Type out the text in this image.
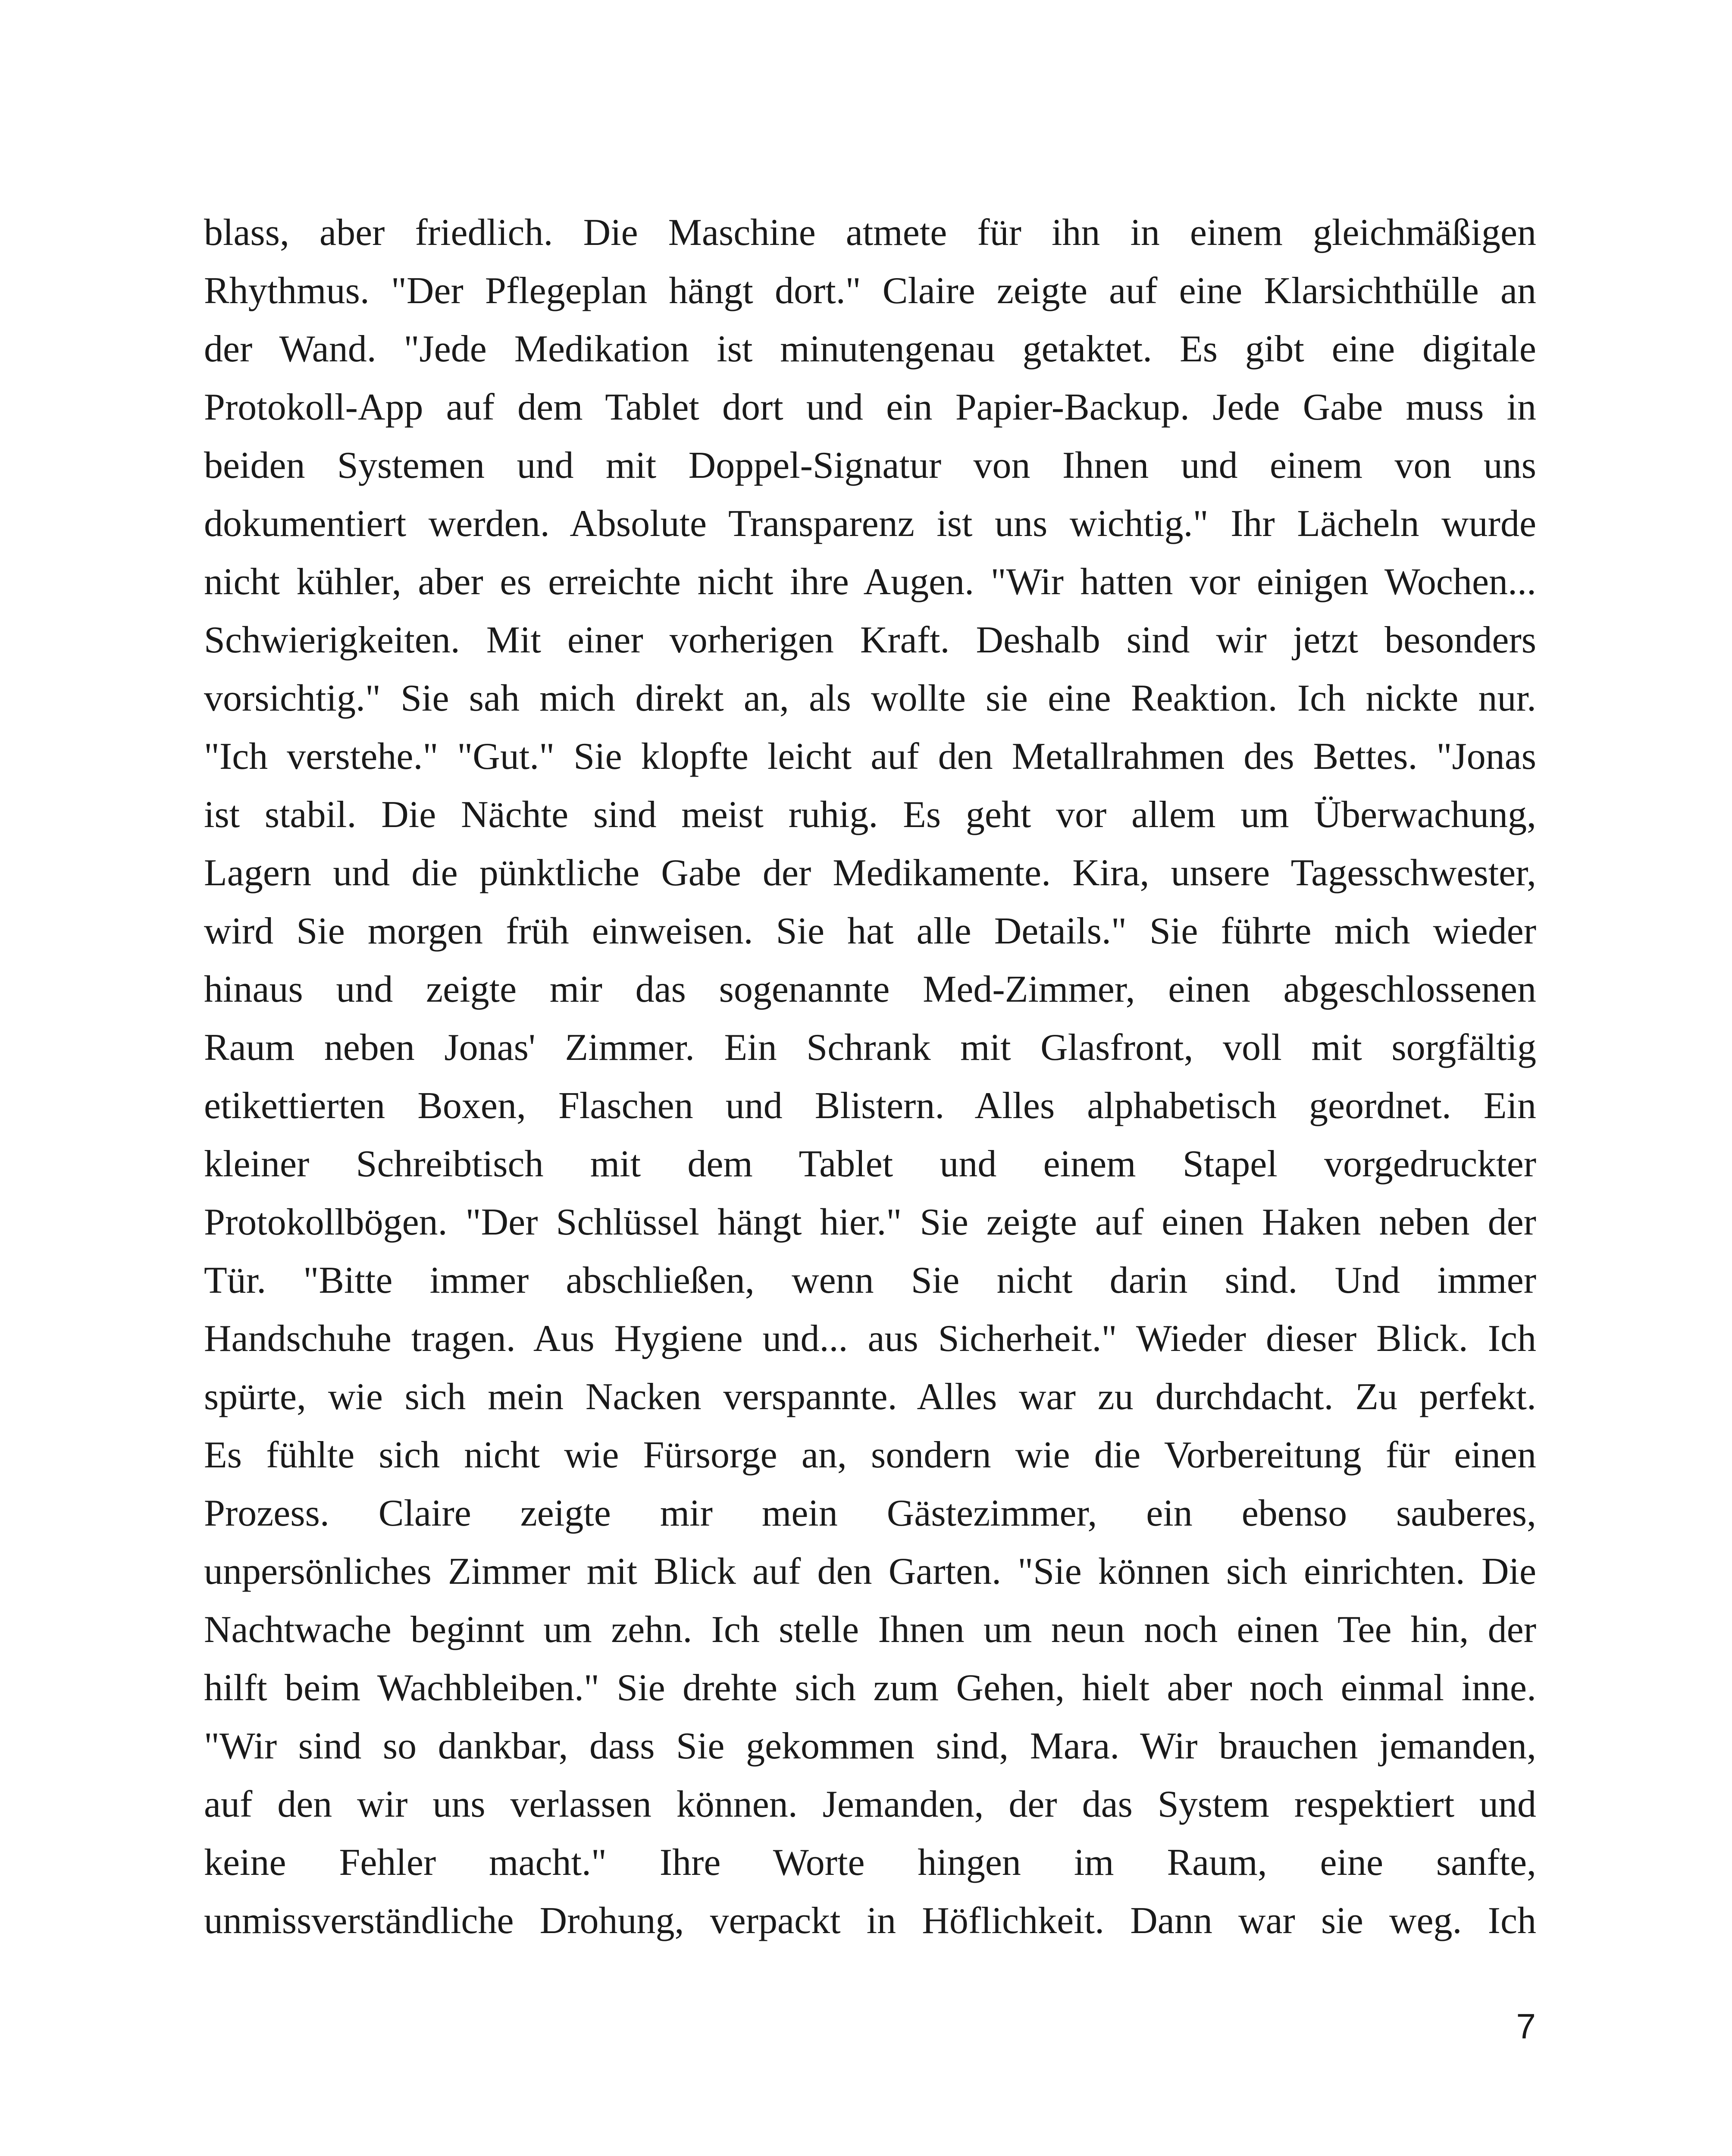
blass, aber friedlich. Die Maschine atmete für ihn in einem gleichmäßigen
Rhythmus. "Der Pflegeplan hängt dort." Claire zeigte auf eine Klarsichthülle an
der Wand. "Jede Medikation ist minutengenau getaktet. Es gibt eine digitale
Protokoll-App auf dem Tablet dort und ein Papier-Backup. Jede Gabe muss in
beiden Systemen und mit Doppel-Signatur von Ihnen und einem von uns
dokumentiert werden. Absolute Transparenz ist uns wichtig." Ihr Lächeln wurde
nicht kühler, aber es erreichte nicht ihre Augen. "Wir hatten vor einigen Wochen...
Schwierigkeiten. Mit einer vorherigen Kraft. Deshalb sind wir jetzt besonders
vorsichtig." Sie sah mich direkt an, als wollte sie eine Reaktion. Ich nickte nur.
"Ich verstehe." "Gut." Sie klopfte leicht auf den Metallrahmen des Bettes. "Jonas
ist stabil. Die Nächte sind meist ruhig. Es geht vor allem um Überwachung,
Lagern und die pünktliche Gabe der Medikamente. Kira, unsere Tagesschwester,
wird Sie morgen früh einweisen. Sie hat alle Details." Sie führte mich wieder
hinaus und zeigte mir das sogenannte Med-Zimmer, einen abgeschlossenen
Raum neben Jonas' Zimmer. Ein Schrank mit Glasfront, voll mit sorgfältig
etikettierten Boxen, Flaschen und Blistern. Alles alphabetisch geordnet. Ein
kleiner Schreibtisch mit dem Tablet und einem Stapel vorgedruckter
Protokollbögen. "Der Schlüssel hängt hier." Sie zeigte auf einen Haken neben der
Tür. "Bitte immer abschließen, wenn Sie nicht darin sind. Und immer
Handschuhe tragen. Aus Hygiene und... aus Sicherheit." Wieder dieser Blick. Ich
spürte, wie sich mein Nacken verspannte. Alles war zu durchdacht. Zu perfekt.
Es fühlte sich nicht wie Fürsorge an, sondern wie die Vorbereitung für einen
Prozess. Claire zeigte mir mein Gästezimmer, ein ebenso sauberes,
unpersönliches Zimmer mit Blick auf den Garten. "Sie können sich einrichten. Die
Nachtwache beginnt um zehn. Ich stelle Ihnen um neun noch einen Tee hin, der
hilft beim Wachbleiben." Sie drehte sich zum Gehen, hielt aber noch einmal inne.
"Wir sind so dankbar, dass Sie gekommen sind, Mara. Wir brauchen jemanden,
auf den wir uns verlassen können. Jemanden, der das System respektiert und
keine Fehler macht." Ihre Worte hingen im Raum, eine sanfte,
unmissverständliche Drohung, verpackt in Höflichkeit. Dann war sie weg. Ich
7
